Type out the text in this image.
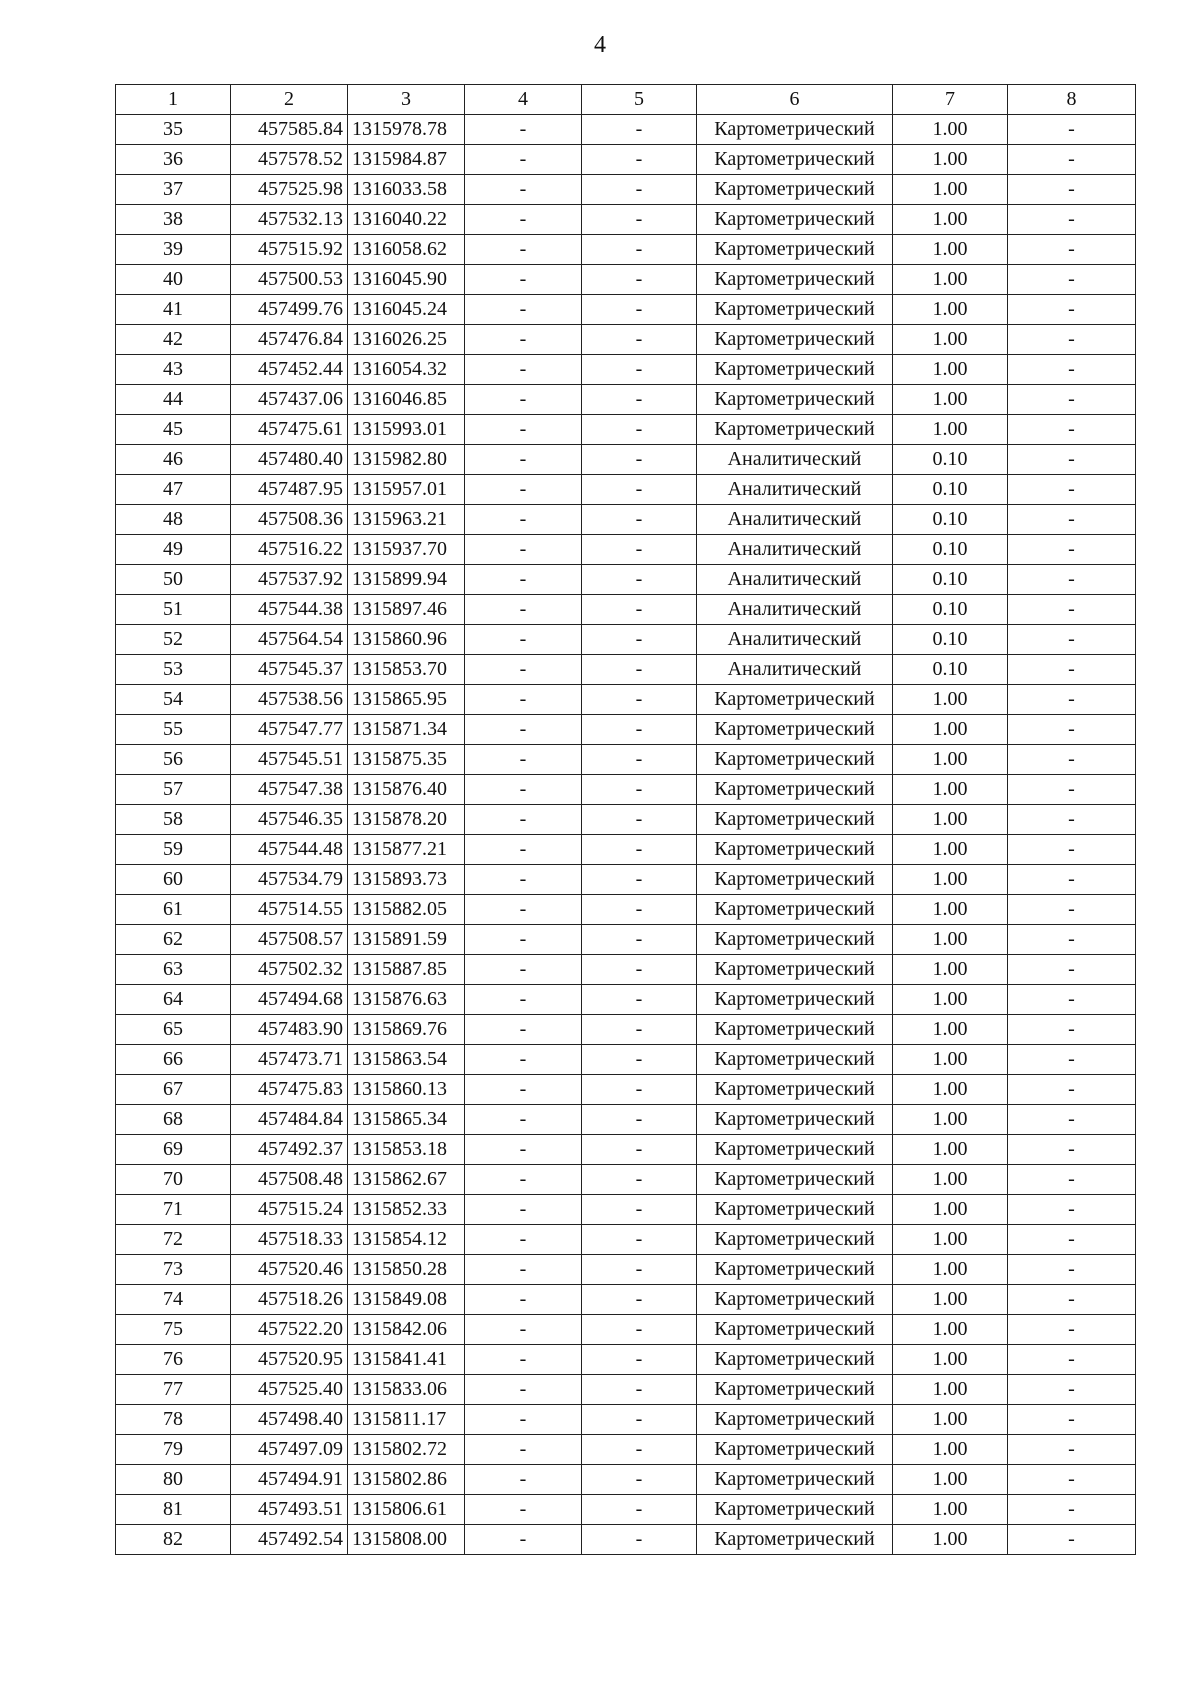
4
1	2	3	4	5	6	7	8
35	457585.84	1315978.78	-	-	Картометрический	1.00	-
36	457578.52	1315984.87	-	-	Картометрический	1.00	-
37	457525.98	1316033.58	-	-	Картометрический	1.00	-
38	457532.13	1316040.22	-	-	Картометрический	1.00	-
39	457515.92	1316058.62	-	-	Картометрический	1.00	-
40	457500.53	1316045.90	-	-	Картометрический	1.00	-
41	457499.76	1316045.24	-	-	Картометрический	1.00	-
42	457476.84	1316026.25	-	-	Картометрический	1.00	-
43	457452.44	1316054.32	-	-	Картометрический	1.00	-
44	457437.06	1316046.85	-	-	Картометрический	1.00	-
45	457475.61	1315993.01	-	-	Картометрический	1.00	-
46	457480.40	1315982.80	-	-	Аналитический	0.10	-
47	457487.95	1315957.01	-	-	Аналитический	0.10	-
48	457508.36	1315963.21	-	-	Аналитический	0.10	-
49	457516.22	1315937.70	-	-	Аналитический	0.10	-
50	457537.92	1315899.94	-	-	Аналитический	0.10	-
51	457544.38	1315897.46	-	-	Аналитический	0.10	-
52	457564.54	1315860.96	-	-	Аналитический	0.10	-
53	457545.37	1315853.70	-	-	Аналитический	0.10	-
54	457538.56	1315865.95	-	-	Картометрический	1.00	-
55	457547.77	1315871.34	-	-	Картометрический	1.00	-
56	457545.51	1315875.35	-	-	Картометрический	1.00	-
57	457547.38	1315876.40	-	-	Картометрический	1.00	-
58	457546.35	1315878.20	-	-	Картометрический	1.00	-
59	457544.48	1315877.21	-	-	Картометрический	1.00	-
60	457534.79	1315893.73	-	-	Картометрический	1.00	-
61	457514.55	1315882.05	-	-	Картометрический	1.00	-
62	457508.57	1315891.59	-	-	Картометрический	1.00	-
63	457502.32	1315887.85	-	-	Картометрический	1.00	-
64	457494.68	1315876.63	-	-	Картометрический	1.00	-
65	457483.90	1315869.76	-	-	Картометрический	1.00	-
66	457473.71	1315863.54	-	-	Картометрический	1.00	-
67	457475.83	1315860.13	-	-	Картометрический	1.00	-
68	457484.84	1315865.34	-	-	Картометрический	1.00	-
69	457492.37	1315853.18	-	-	Картометрический	1.00	-
70	457508.48	1315862.67	-	-	Картометрический	1.00	-
71	457515.24	1315852.33	-	-	Картометрический	1.00	-
72	457518.33	1315854.12	-	-	Картометрический	1.00	-
73	457520.46	1315850.28	-	-	Картометрический	1.00	-
74	457518.26	1315849.08	-	-	Картометрический	1.00	-
75	457522.20	1315842.06	-	-	Картометрический	1.00	-
76	457520.95	1315841.41	-	-	Картометрический	1.00	-
77	457525.40	1315833.06	-	-	Картометрический	1.00	-
78	457498.40	1315811.17	-	-	Картометрический	1.00	-
79	457497.09	1315802.72	-	-	Картометрический	1.00	-
80	457494.91	1315802.86	-	-	Картометрический	1.00	-
81	457493.51	1315806.61	-	-	Картометрический	1.00	-
82	457492.54	1315808.00	-	-	Картометрический	1.00	-
